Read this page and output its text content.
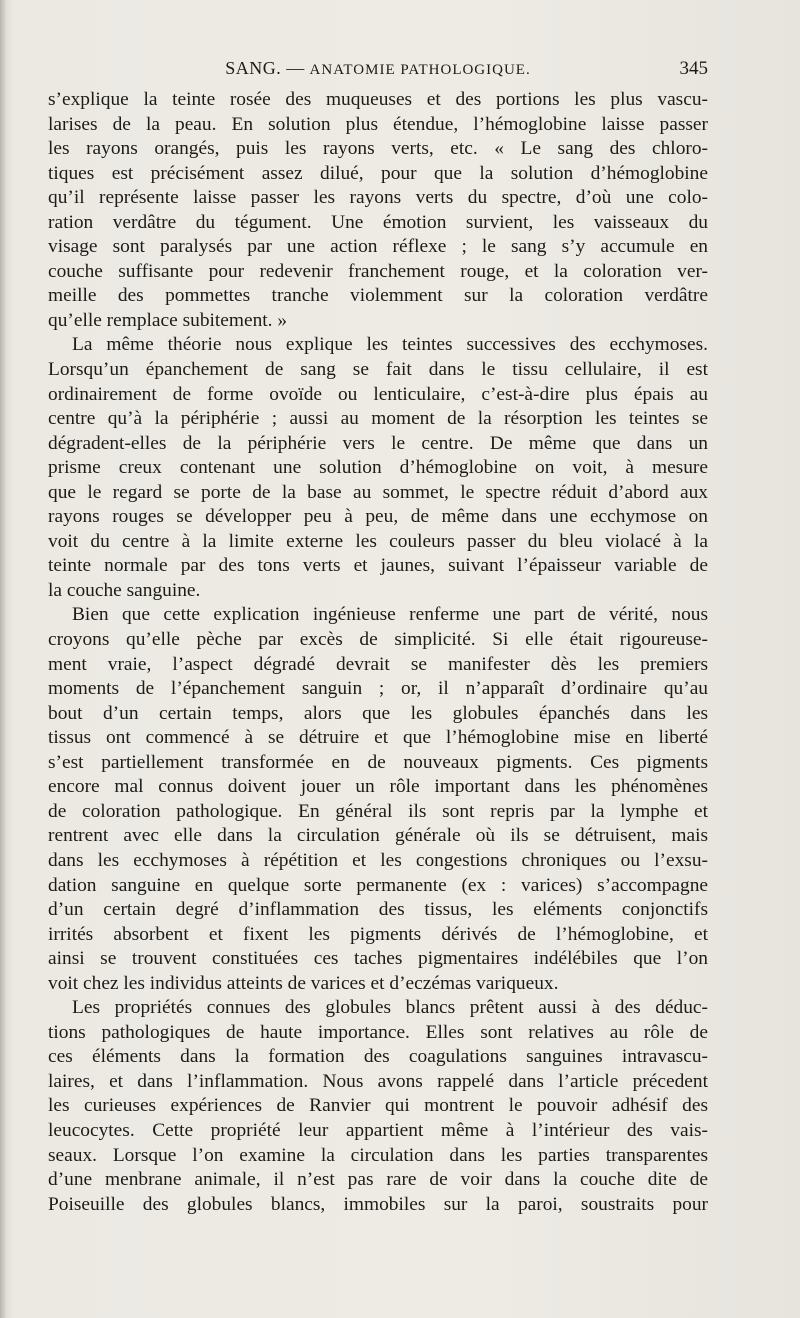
SANG. — ANATOMIE PATHOLOGIQUE.	345
s’explique la teinte rosée des muqueuses et des portions les plus vascu-
larises de la peau. En solution plus étendue, l’hémoglobine laisse passer
les rayons orangés, puis les rayons verts, etc. « Le sang des chloro-
tiques est précisément assez dilué, pour que la solution d’hémoglobine
qu’il représente laisse passer les rayons verts du spectre, d’où une colo-
ration verdâtre du tégument. Une émotion survient, les vaisseaux du
visage sont paralysés par une action réflexe ; le sang s’y accumule en
couche suffisante pour redevenir franchement rouge, et la coloration ver-
meille des pommettes tranche violemment sur la coloration verdâtre
qu’elle remplace subitement. »
La même théorie nous explique les teintes successives des ecchymoses.
Lorsqu’un épanchement de sang se fait dans le tissu cellulaire, il est
ordinairement de forme ovoïde ou lenticulaire, c’est-à-dire plus épais au
centre qu’à la périphérie ; aussi au moment de la résorption les teintes se
dégradent-elles de la périphérie vers le centre. De même que dans un
prisme creux contenant une solution d’hémoglobine on voit, à mesure
que le regard se porte de la base au sommet, le spectre réduit d’abord aux
rayons rouges se développer peu à peu, de même dans une ecchymose on
voit du centre à la limite externe les couleurs passer du bleu violacé à la
teinte normale par des tons verts et jaunes, suivant l’épaisseur variable de
la couche sanguine.
Bien que cette explication ingénieuse renferme une part de vérité, nous
croyons qu’elle pèche par excès de simplicité. Si elle était rigoureuse-
ment vraie, l’aspect dégradé devrait se manifester dès les premiers
moments de l’épanchement sanguin ; or, il n’apparaît d’ordinaire qu’au
bout d’un certain temps, alors que les globules épanchés dans les
tissus ont commencé à se détruire et que l’hémoglobine mise en liberté
s’est partiellement transformée en de nouveaux pigments. Ces pigments
encore mal connus doivent jouer un rôle important dans les phénomènes
de coloration pathologique. En général ils sont repris par la lymphe et
rentrent avec elle dans la circulation générale où ils se détruisent, mais
dans les ecchymoses à répétition et les congestions chroniques ou l’exsu-
dation sanguine en quelque sorte permanente (ex : varices) s’accompagne
d’un certain degré d’inflammation des tissus, les eléments conjonctifs
irrités absorbent et fixent les pigments dérivés de l’hémoglobine, et
ainsi se trouvent constituées ces taches pigmentaires indélébiles que l’on
voit chez les individus atteints de varices et d’eczémas variqueux.
Les propriétés connues des globules blancs prêtent aussi à des déduc-
tions pathologiques de haute importance. Elles sont relatives au rôle de
ces éléments dans la formation des coagulations sanguines intravascu-
laires, et dans l’inflammation. Nous avons rappelé dans l’article précedent
les curieuses expériences de Ranvier qui montrent le pouvoir adhésif des
leucocytes. Cette propriété leur appartient même à l’intérieur des vais-
seaux. Lorsque l’on examine la circulation dans les parties transparentes
d’une menbrane animale, il n’est pas rare de voir dans la couche dite de
Poiseuille des globules blancs, immobiles sur la paroi, soustraits pour
